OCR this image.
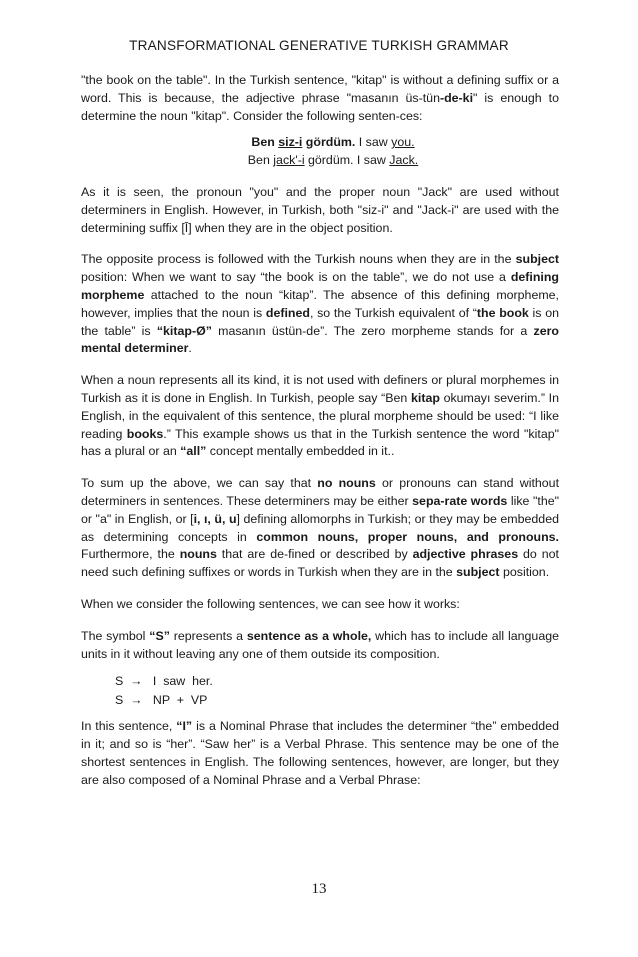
TRANSFORMATIONAL GENERATIVE TURKISH GRAMMAR

"the book on the table". In the Turkish sentence, "kitap" is without a defining suffix or a word. This is because, the adjective phrase "masanın üs-tün-de-ki" is enough to determine the noun "kitap". Consider the following senten-ces:

Ben siz-i gördüm. I saw you.
Ben jack'-i gördüm. I saw Jack.

As it is seen, the pronoun "you" and the proper noun "Jack" are used without determiners in English. However, in Turkish, both "siz-i" and "Jack-i" are used with the determining suffix [Ī] when they are in the object position.

The opposite process is followed with the Turkish nouns when they are in the subject position: When we want to say “the book is on the table”, we do not use a defining morpheme attached to the noun “kitap”. The absence of this defining morpheme, however, implies that the noun is defined, so the Turkish equivalent of “the book is on the table” is “kitap-Ø” masanın üstün-de”. The zero morpheme stands for a zero mental determiner.

When a noun represents all its kind, it is not used with definers or plural morphemes in Turkish as it is done in English. In Turkish, people say “Ben kitap okumayı severim.” In English, in the equivalent of this sentence, the plural morpheme should be used: “I like reading books.” This example shows us that in the Turkish sentence the word "kitap" has a plural or an “all” concept mentally embedded in it..

To sum up the above, we can say that no nouns or pronouns can stand without determiners in sentences. These determiners may be either sepa-rate words like "the" or "a" in English, or [i, ı, ü, u] defining allomorphs in Turkish; or they may be embedded as determining concepts in common nouns, proper nouns, and pronouns. Furthermore, the nouns that are de-fined or described by adjective phrases do not need such defining suffixes or words in Turkish when they are in the subject position.

When we consider the following sentences, we can see how it works:

The symbol “S” represents a sentence as a whole, which has to include all language units in it without leaving any one of them outside its composition.

S  →   I  saw  her.
S  →   NP  +  VP

In this sentence, “I” is a Nominal Phrase that includes the determiner “the” embedded in it; and so is “her”. “Saw her” is a Verbal Phrase. This sentence may be one of the shortest sentences in English. The following sentences, however, are longer, but they are also composed of a Nominal Phrase and a Verbal Phrase:

13
